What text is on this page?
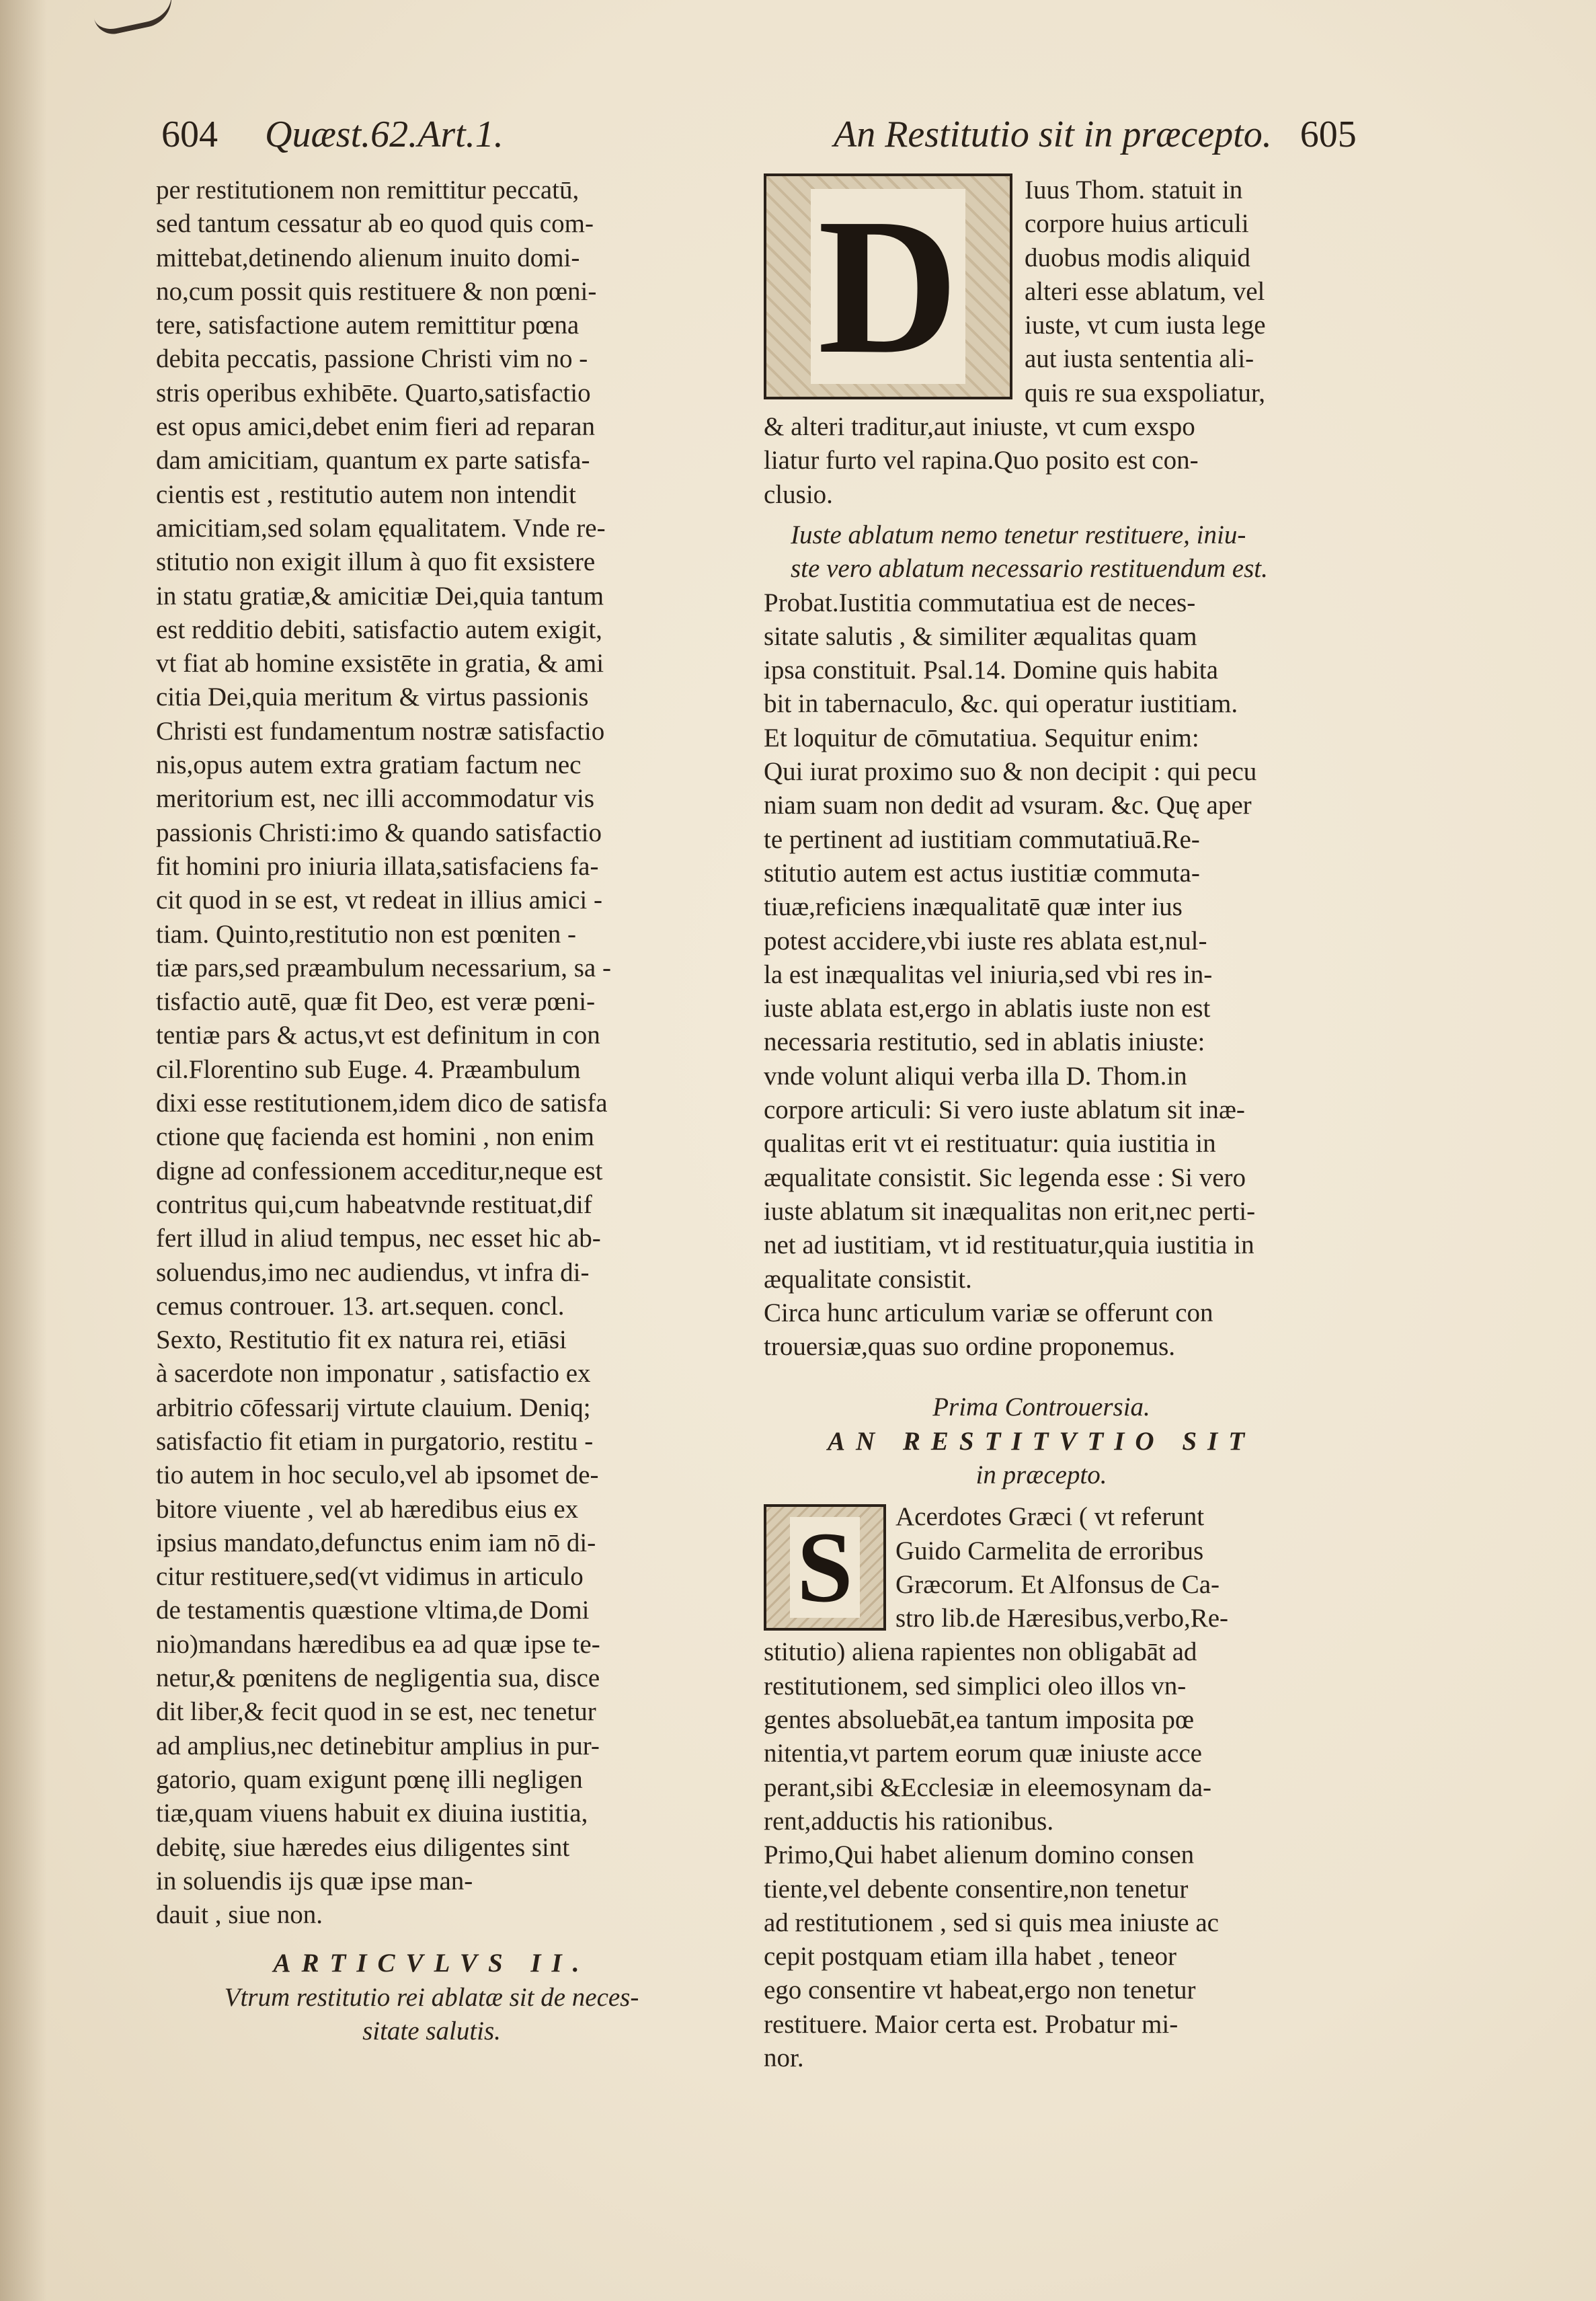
604 Quæst.62.Art.1.	An Restitutio sit in præcepto. 605
per restitutionem non remittitur peccatū,
sed tantum cessatur ab eo quod quis com-
mittebat,detinendo alienum inuito domi-
no,cum possit quis restituere & non pœni-
tere, satisfactione autem remittitur pœna
debita peccatis, passione Christi vim no -
stris operibus exhibēte. Quarto,satisfactio
est opus amici,debet enim fieri ad reparan
dam amicitiam, quantum ex parte satisfa-
cientis est , restitutio autem non intendit
amicitiam,sed solam ęqualitatem. Vnde re-
stitutio non exigit illum à quo fit exsistere
in statu gratiæ,& amicitiæ Dei,quia tantum
est redditio debiti, satisfactio autem exigit,
vt fiat ab homine exsistēte in gratia, & ami
citia Dei,quia meritum & virtus passionis
Christi est fundamentum nostræ satisfactio
nis,opus autem extra gratiam factum nec
meritorium est, nec illi accommodatur vis
passionis Christi:imo & quando satisfactio
fit homini pro iniuria illata,satisfaciens fa-
cit quod in se est, vt redeat in illius amici -
tiam. Quinto,restitutio non est pœniten -
tiæ pars,sed præambulum necessarium, sa -
tisfactio autē, quæ fit Deo, est veræ pœni-
tentiæ pars & actus,vt est definitum in con
cil.Florentino sub Euge. 4. Præambulum
dixi esse restitutionem,idem dico de satisfa
ctione quę facienda est homini , non enim
digne ad confessionem acceditur,neque est
contritus qui,cum habeatvnde restituat,dif
fert illud in aliud tempus, nec esset hic ab-
soluendus,imo nec audiendus, vt infra di-
cemus controuer. 13. art.sequen. concl.
Sexto, Restitutio fit ex natura rei, etiāsi
à sacerdote non imponatur , satisfactio ex
arbitrio cōfessarij virtute clauium. Deniq;
satisfactio fit etiam in purgatorio, restitu -
tio autem in hoc seculo,vel ab ipsomet de-
bitore viuente , vel ab hæredibus eius ex
ipsius mandato,defunctus enim iam nō di-
citur restituere,sed(vt vidimus in articulo
de testamentis quæstione vltima,de Domi
nio)mandans hæredibus ea ad quæ ipse te-
netur,& pœnitens de negligentia sua, disce
dit liber,& fecit quod in se est, nec tenetur
ad amplius,nec detinebitur amplius in pur-
gatorio, quam exigunt pœnę illi negligen
tiæ,quam viuens habuit ex diuina iustitia,
debitę, siue hæredes eius diligentes sint
in soluendis ijs quæ ipse man-
dauit , siue non.
ARTICVLVS II.
Vtrum restitutio rei ablatæ sit de neces-
sitate salutis.
D	Iuus Thom. statuit in
corpore huius articuli
duobus modis aliquid
alteri esse ablatum, vel
iuste, vt cum iusta lege
aut iusta sententia ali-
quis re sua exspoliatur,
& alteri traditur,aut iniuste, vt cum exspo
liatur furto vel rapina.Quo posito est con-
clusio.
Iuste ablatum nemo tenetur restituere, iniu-
ste vero ablatum necessario restituendum est.
Probat.Iustitia commutatiua est de neces-
sitate salutis , & similiter æqualitas quam
ipsa constituit. Psal.14. Domine quis habita
bit in tabernaculo, &c. qui operatur iustitiam.
Et loquitur de cōmutatiua. Sequitur enim:
Qui iurat proximo suo & non decipit : qui pecu
niam suam non dedit ad vsuram. &c. Quę aper
te pertinent ad iustitiam commutatiuā.Re-
stitutio autem est actus iustitiæ commuta-
tiuæ,reficiens inæqualitatē quæ inter ius
potest accidere,vbi iuste res ablata est,nul-
la est inæqualitas vel iniuria,sed vbi res in-
iuste ablata est,ergo in ablatis iuste non est
necessaria restitutio, sed in ablatis iniuste:
vnde volunt aliqui verba illa D. Thom.in
corpore articuli: Si vero iuste ablatum sit inæ-
qualitas erit vt ei restituatur: quia iustitia in
æqualitate consistit. Sic legenda esse : Si vero
iuste ablatum sit inæqualitas non erit,nec perti-
net ad iustitiam, vt id restituatur,quia iustitia in
æqualitate consistit.
Circa hunc articulum variæ se offerunt con
trouersiæ,quas suo ordine proponemus.
Prima Controuersia.
AN RESTITVTIO SIT
in præcepto.
S Acerdotes Græci ( vt referunt
Guido Carmelita de erroribus
Græcorum. Et Alfonsus de Ca-
stro lib.de Hæresibus,verbo,Re-
stitutio) aliena rapientes non obligabāt ad
restitutionem, sed simplici oleo illos vn-
gentes absoluebāt,ea tantum imposita pœ
nitentia,vt partem eorum quæ iniuste acce
perant,sibi &Ecclesiæ in eleemosynam da-
rent,adductis his rationibus.
Primo,Qui habet alienum domino consen
tiente,vel debente consentire,non tenetur
ad restitutionem , sed si quis mea iniuste ac
cepit postquam etiam illa habet , teneor
ego consentire vt habeat,ergo non tenetur
restituere. Maior certa est. Probatur mi-
nor.
